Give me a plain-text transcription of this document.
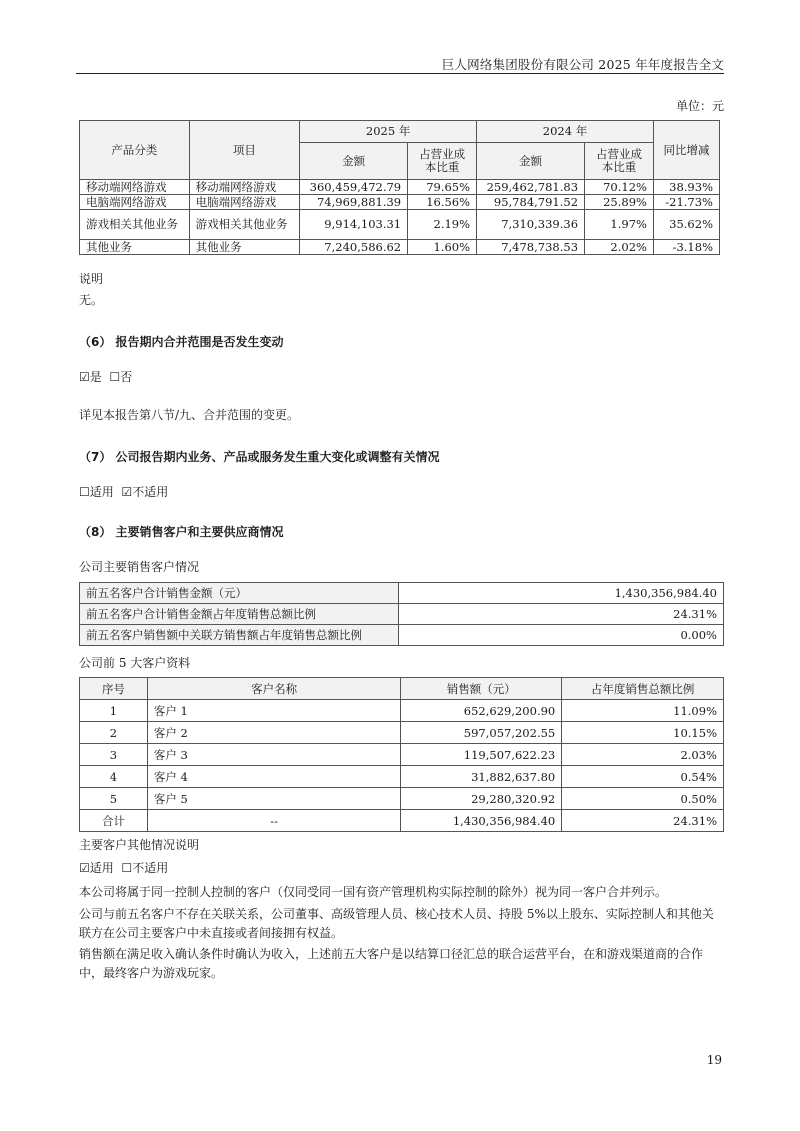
巨人网络集团股份有限公司 2025 年年度报告全文
单位：元
产品分类	项目	2025 年		2024 年		同比增减
		金额	占营业成本比重	金额	占营业成本比重	
移动端网络游戏	移动端网络游戏	360,459,472.79	79.65%	259,462,781.83	70.12%	38.93%
电脑端网络游戏	电脑端网络游戏	74,969,881.39	16.56%	95,784,791.52	25.89%	-21.73%
游戏相关其他业务	游戏相关其他业务	9,914,103.31	2.19%	7,310,339.36	1.97%	35.62%
其他业务	其他业务	7,240,586.62	1.60%	7,478,738.53	2.02%	-3.18%
说明
无。
（6） 报告期内合并范围是否发生变动
☑是 ☐否
详见本报告第八节/九、合并范围的变更。
（7） 公司报告期内业务、产品或服务发生重大变化或调整有关情况
☐适用 ☑不适用
（8） 主要销售客户和主要供应商情况
公司主要销售客户情况
前五名客户合计销售金额（元）	1,430,356,984.40
前五名客户合计销售金额占年度销售总额比例	24.31%
前五名客户销售额中关联方销售额占年度销售总额比例	0.00%
公司前 5 大客户资料
序号	客户名称	销售额（元）	占年度销售总额比例
1	客户 1	652,629,200.90	11.09%
2	客户 2	597,057,202.55	10.15%
3	客户 3	119,507,622.23	2.03%
4	客户 4	31,882,637.80	0.54%
5	客户 5	29,280,320.92	0.50%
合计	--	1,430,356,984.40	24.31%
主要客户其他情况说明
☑适用 ☐不适用
本公司将属于同一控制人控制的客户（仅同受同一国有资产管理机构实际控制的除外）视为同一客户合并列示。
公司与前五名客户不存在关联关系，公司董事、高级管理人员、核心技术人员、持股 5%以上股东、实际控制人和其他关联方在公司主要客户中未直接或者间接拥有权益。
销售额在满足收入确认条件时确认为收入，上述前五大客户是以结算口径汇总的联合运营平台，在和游戏渠道商的合作中，最终客户为游戏玩家。
19
